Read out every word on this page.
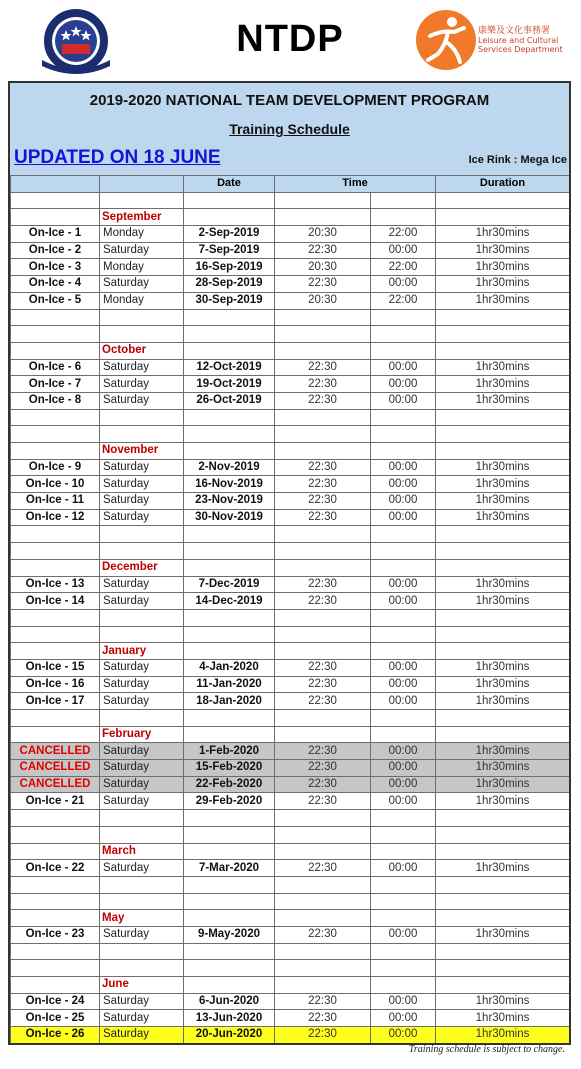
NTDP	康樂及文化事務署
Leisure and Cultural
Services Department
2019-2020 NATIONAL TEAM DEVELOPMENT PROGRAM
Training Schedule
UPDATED ON 18 JUNE	Ice Rink : Mega Ice
		Date	Time		Duration

	September				
On-Ice - 1	Monday	2-Sep-2019	20:30	22:00	1hr30mins
On-Ice - 2	Saturday	7-Sep-2019	22:30	00:00	1hr30mins
On-Ice - 3	Monday	16-Sep-2019	20:30	22:00	1hr30mins
On-Ice - 4	Saturday	28-Sep-2019	22:30	00:00	1hr30mins
On-Ice - 5	Monday	30-Sep-2019	20:30	22:00	1hr30mins

	October				
On-Ice - 6	Saturday	12-Oct-2019	22:30	00:00	1hr30mins
On-Ice - 7	Saturday	19-Oct-2019	22:30	00:00	1hr30mins
On-Ice - 8	Saturday	26-Oct-2019	22:30	00:00	1hr30mins

	November				
On-Ice - 9	Saturday	2-Nov-2019	22:30	00:00	1hr30mins
On-Ice - 10	Saturday	16-Nov-2019	22:30	00:00	1hr30mins
On-Ice - 11	Saturday	23-Nov-2019	22:30	00:00	1hr30mins
On-Ice - 12	Saturday	30-Nov-2019	22:30	00:00	1hr30mins

	December				
On-Ice - 13	Saturday	7-Dec-2019	22:30	00:00	1hr30mins
On-Ice - 14	Saturday	14-Dec-2019	22:30	00:00	1hr30mins

	January				
On-Ice - 15	Saturday	4-Jan-2020	22:30	00:00	1hr30mins
On-Ice - 16	Saturday	11-Jan-2020	22:30	00:00	1hr30mins
On-Ice - 17	Saturday	18-Jan-2020	22:30	00:00	1hr30mins

	February				
CANCELLED	Saturday	1-Feb-2020	22:30	00:00	1hr30mins
CANCELLED	Saturday	15-Feb-2020	22:30	00:00	1hr30mins
CANCELLED	Saturday	22-Feb-2020	22:30	00:00	1hr30mins
On-Ice - 21	Saturday	29-Feb-2020	22:30	00:00	1hr30mins

	March				
On-Ice - 22	Saturday	7-Mar-2020	22:30	00:00	1hr30mins

	May				
On-Ice - 23	Saturday	9-May-2020	22:30	00:00	1hr30mins

	June				
On-Ice - 24	Saturday	6-Jun-2020	22:30	00:00	1hr30mins
On-Ice - 25	Saturday	13-Jun-2020	22:30	00:00	1hr30mins
On-Ice - 26	Saturday	20-Jun-2020	22:30	00:00	1hr30mins

Training schedule is subject to change.
